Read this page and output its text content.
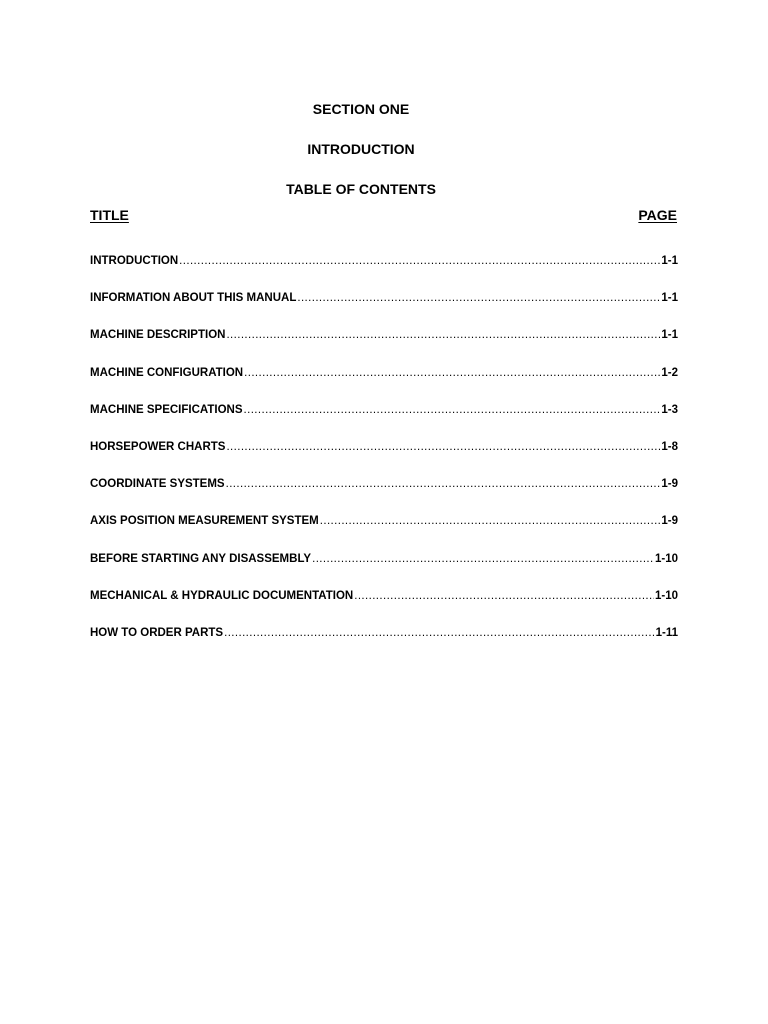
SECTION ONE
INTRODUCTION
TABLE OF CONTENTS
TITLE	PAGE
INTRODUCTION .....	1-1
INFORMATION ABOUT THIS MANUAL .....	1-1
MACHINE DESCRIPTION .....	1-1
MACHINE CONFIGURATION .....	1-2
MACHINE SPECIFICATIONS .....	1-3
HORSEPOWER CHARTS .....	1-8
COORDINATE SYSTEMS .....	1-9
AXIS POSITION MEASUREMENT SYSTEM .....	1-9
BEFORE STARTING ANY DISASSEMBLY .....	1-10
MECHANICAL & HYDRAULIC DOCUMENTATION .....	1-10
HOW TO ORDER PARTS .....	1-11
